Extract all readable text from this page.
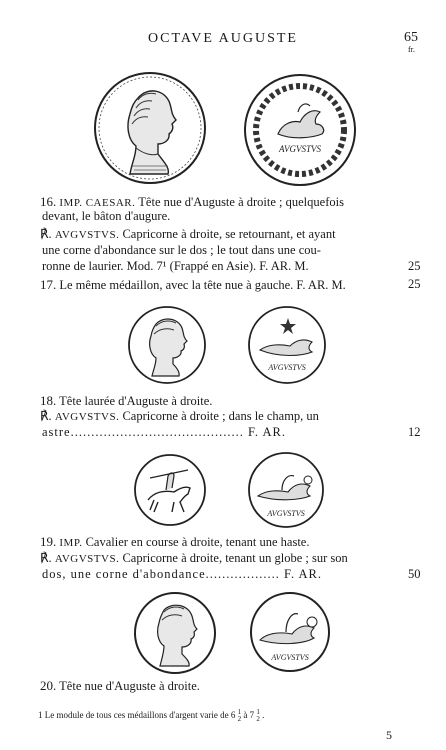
OCTAVE AUGUSTE	65
fr.
AVGVSTVS
16. IMP. CAESAR. Tête nue d'Auguste à droite ; quelquefois
devant, le bâton d'augure.
℟. AVGVSTVS. Capricorne à droite, se retournant, et ayant
une corne d'abondance sur le dos ; le tout dans une cou-
ronne de laurier. Mod. 7¹ (Frappé en Asie). F. AR. M.	25
17. Le même médaillon, avec la tête nue à gauche. F. AR. M.	25
AVGVSTVS
18. Tête laurée d'Auguste à droite.
℟. AVGVSTVS. Capricorne à droite ; dans le champ, un
astre.......................................... F. AR.	12
AVGVSTVS
19. IMP. Cavalier en course à droite, tenant une haste.
℟. AVGVSTVS. Capricorne à droite, tenant un globe ; sur son
dos, une corne d'abondance.................. F. AR.	50
AVGVSTVS
20. Tête nue d'Auguste à droite.
1 Le module de tous ces médaillons d'argent varie de 6 1
2 à 7 1
2 .
5
